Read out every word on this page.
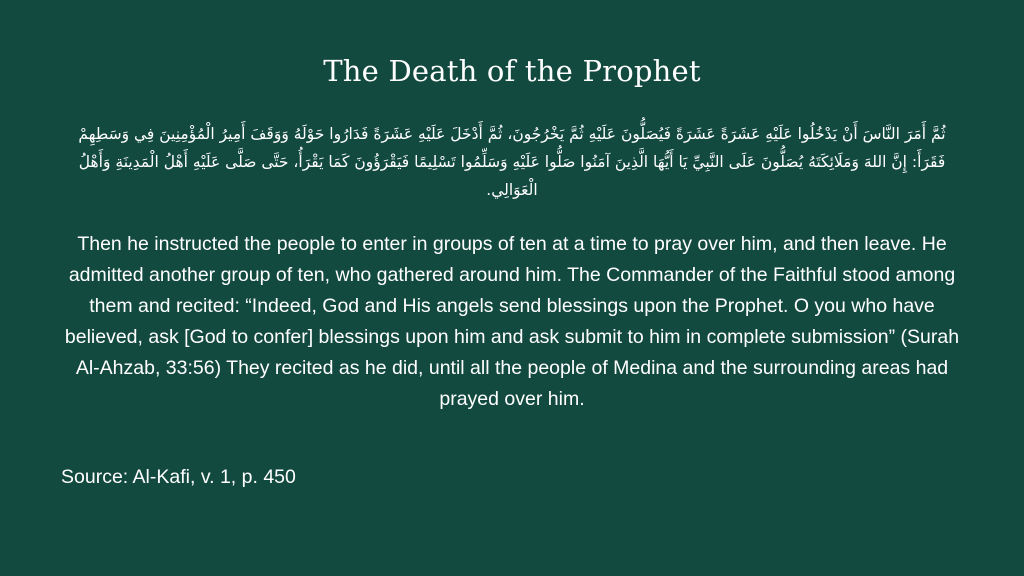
The Death of the Prophet

ثُمَّ أَمَرَ النَّاسَ أَنْ يَدْخُلُوا عَلَيْهِ عَشَرَةً عَشَرَةً فَيُصَلُّونَ عَلَيْهِ ثُمَّ يَخْرُجُونَ، ثُمَّ أَدْخَلَ عَلَيْهِ عَشَرَةً فَدَارُوا حَوْلَهُ وَوَقَفَ أَمِيرُ الْمُؤْمِنِينَ فِي وَسَطِهِمْ فَقَرَأَ: إِنَّ اللهَ وَمَلَائِكَتَهُ يُصَلُّونَ عَلَى النَّبِيِّ يَا أَيُّهَا الَّذِينَ آمَنُوا صَلُّوا عَلَيْهِ وَسَلِّمُوا تَسْلِيمًا فَيَقْرَؤُونَ كَمَا يَقْرَأُ، حَتَّى صَلَّى عَلَيْهِ أَهْلُ الْمَدِينَةِ وَأَهْلُ الْعَوَالِي.

Then he instructed the people to enter in groups of ten at a time to pray over him, and then leave. He admitted another group of ten, who gathered around him. The Commander of the Faithful stood among them and recited: “Indeed, God and His angels send blessings upon the Prophet. O you who have believed, ask [God to confer] blessings upon him and ask submit to him in complete submission” (Surah Al-Ahzab, 33:56) They recited as he did, until all the people of Medina and the surrounding areas had prayed over him.

Source: Al-Kafi, v. 1, p. 450
